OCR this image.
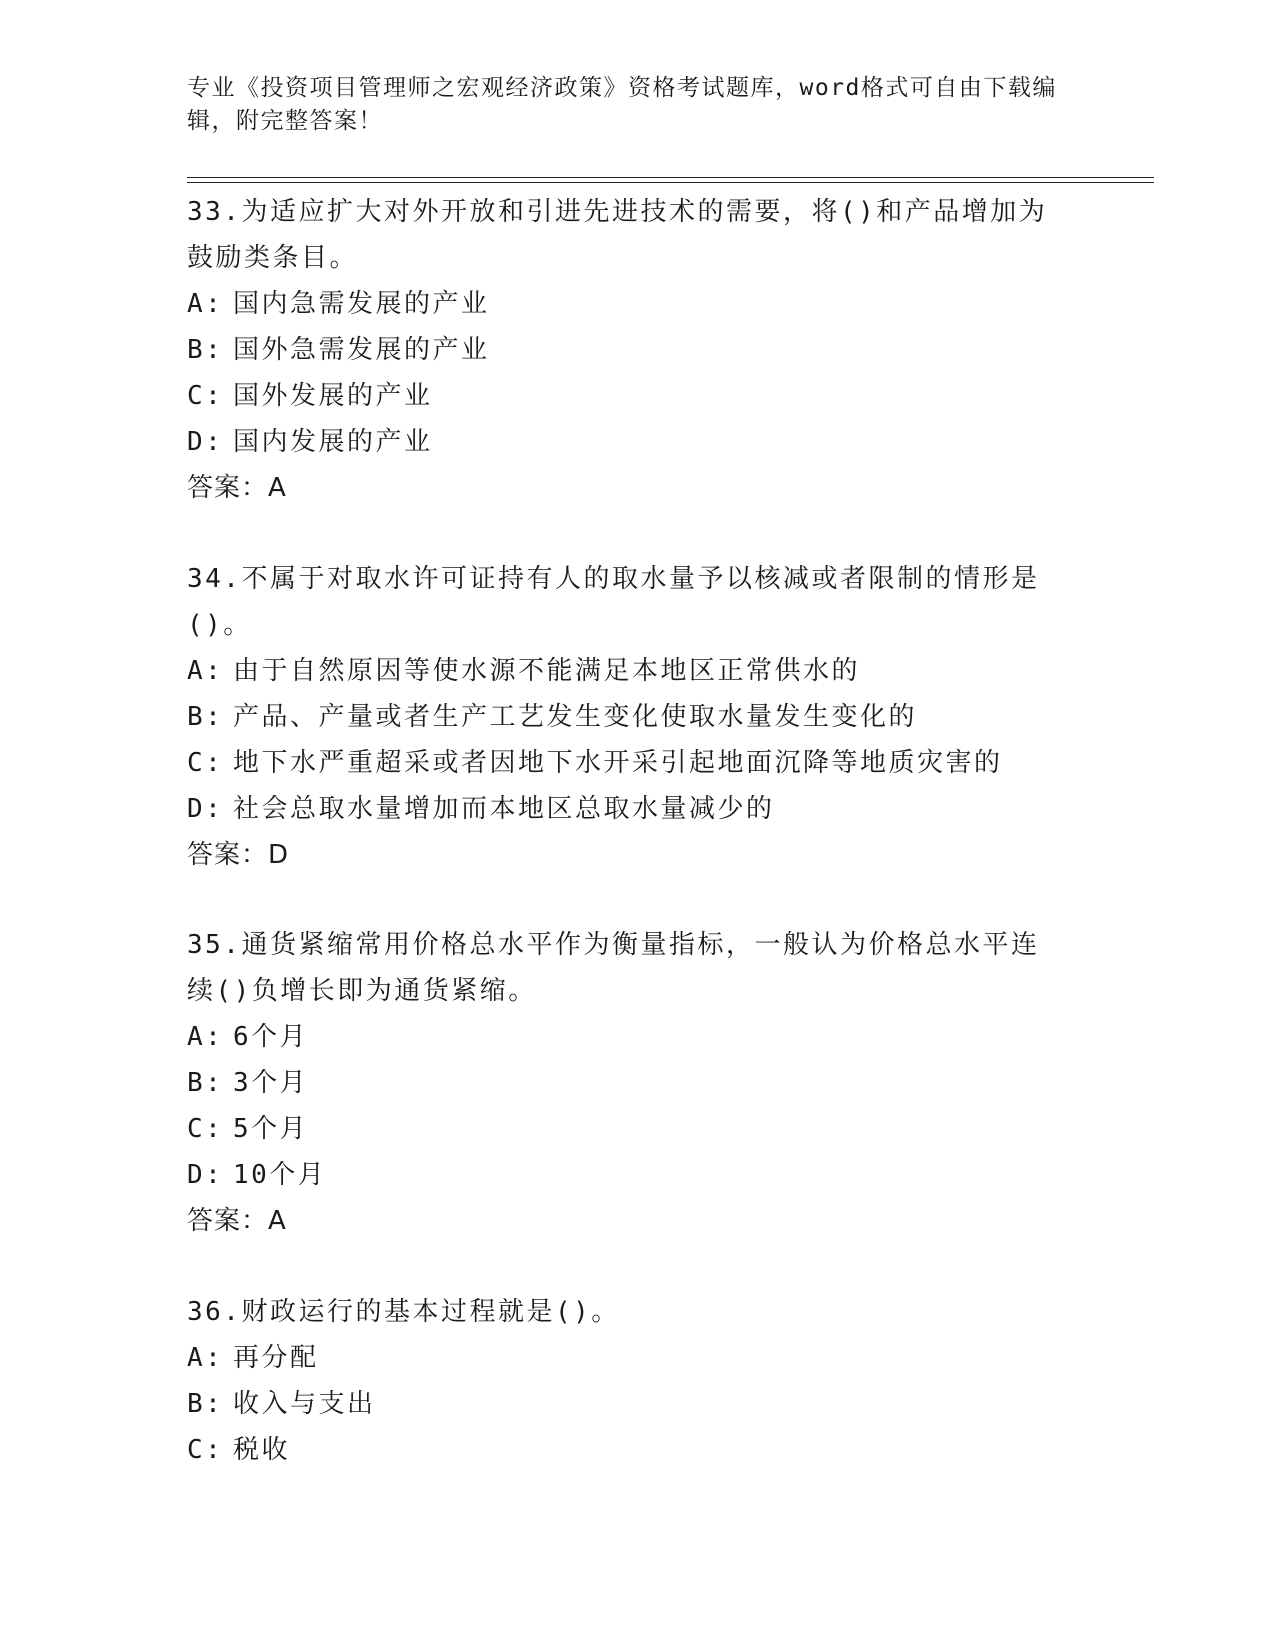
专业《投资项目管理师之宏观经济政策》资格考试题库，word格式可自由下载编辑，附完整答案！

33.为适应扩大对外开放和引进先进技术的需要，将()和产品增加为鼓励类条目。

A: 国内急需发展的产业
B: 国外急需发展的产业
C: 国外发展的产业
D: 国内发展的产业
答案：A

34.不属于对取水许可证持有人的取水量予以核减或者限制的情形是()。

A: 由于自然原因等使水源不能满足本地区正常供水的
B: 产品、产量或者生产工艺发生变化使取水量发生变化的
C: 地下水严重超采或者因地下水开采引起地面沉降等地质灾害的
D: 社会总取水量增加而本地区总取水量减少的
答案：D

35.通货紧缩常用价格总水平作为衡量指标，一般认为价格总水平连续()负增长即为通货紧缩。

A: 6个月
B: 3个月
C: 5个月
D: 10个月
答案：A

36.财政运行的基本过程就是()。

A: 再分配
B: 收入与支出
C: 税收
